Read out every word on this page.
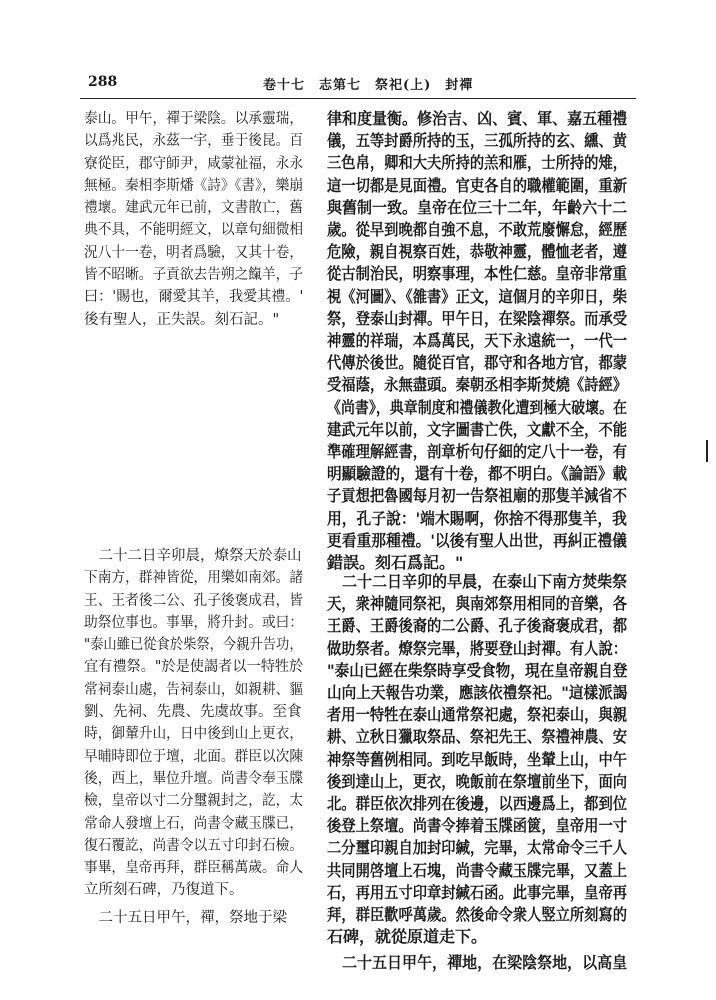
288	卷十七　志第七　祭祀(上)　封禪
泰山。甲午，禪于梁陰。以承靈瑞，
以爲兆民，永茲一宇，垂于後昆。百
寮從臣，郡守師尹，咸蒙祉福，永永
無極。秦相李斯燔《詩》《書》，樂崩
禮壞。建武元年已前，文書散亡，舊
典不具，不能明經文，以章句細微相
況八十一卷，明者爲驗，又其十卷，
皆不昭晰。子貢欲去告朔之餼羊，子
曰：'賜也，爾愛其羊，我愛其禮。'
後有聖人，正失誤。刻石記。"
　二十二日辛卯晨，燎祭天於泰山
下南方，群神皆從，用樂如南郊。諸
王、王者後二公、孔子後褒成君，皆
助祭位事也。事畢，將升封。或曰：
"泰山雖已從食於柴祭，今親升告功，
宜有禮祭。"於是使謁者以一特牲於
常祠泰山處，告祠泰山，如親耕、貙
劉、先祠、先農、先虞故事。至食
時，御輦升山，日中後到山上更衣，
早晡時即位于壇，北面。群臣以次陳
後，西上，畢位升壇。尚書令奉玉牒
檢，皇帝以寸二分璽親封之，訖，太
常命人發壇上石，尚書令藏玉牒已，
復石覆訖，尚書令以五寸印封石檢。
事畢，皇帝再拜，群臣稱萬歲。命人
立所刻石碑，乃復道下。
　二十五日甲午，禪，祭地于梁
律和度量衡。修治吉、凶、賓、軍、嘉五種禮
儀，五等封爵所持的玉，三孤所持的玄、纁、黄
三色帛，卿和大夫所持的羔和雁，士所持的雉，
這一切都是見面禮。官吏各自的職權範圍，重新
與舊制一致。皇帝在位三十二年，年齡六十二
歲。從早到晚都自強不息，不敢荒廢懈怠，經歷
危險，親自視察百姓，恭敬神靈，體恤老者，遵
從古制治民，明察事理，本性仁慈。皇帝非常重
視《河圖》、《雒書》正文，這個月的辛卯日，柴
祭，登泰山封禪。甲午日，在梁陰禪祭。而承受
神靈的祥瑞，本爲萬民，天下永遠統一，一代一
代傳於後世。隨從百官，郡守和各地方官，都蒙
受福蔭，永無盡頭。秦朝丞相李斯焚燒《詩經》
《尚書》，典章制度和禮儀教化遭到極大破壞。在
建武元年以前，文字圖書亡佚，文獻不全，不能
準確理解經書，剖章析句仔細的定八十一卷，有
明顯驗證的，還有十卷，都不明白。《論語》載
子貢想把魯國每月初一告祭祖廟的那隻羊減省不
用，孔子說：'端木賜啊，你捨不得那隻羊，我
更看重那種禮。'以後有聖人出世，再糾正禮儀
錯誤。刻石爲記。"
　二十二日辛卯的早晨，在泰山下南方焚柴祭
天，衆神隨同祭祀，與南郊祭用相同的音樂，各
王爵、王爵後裔的二公爵、孔子後裔褒成君，都
做助祭者。燎祭完畢，將要登山封禪。有人說：
"泰山已經在柴祭時享受食物，現在皇帝親自登
山向上天報告功業，應該依禮祭祀。"這樣派謁
者用一特牲在泰山通常祭祀處，祭祀泰山，與親
耕、立秋日獵取祭品、祭祀先王、祭禮神農、安
神祭等舊例相同。到吃早飯時，坐輦上山，中午
後到達山上，更衣，晚飯前在祭壇前坐下，面向
北。群臣依次排列在後邊，以西邊爲上，都到位
後登上祭壇。尚書令捧着玉牒函篋，皇帝用一寸
二分璽印親自加封印緘，完畢，太常命令三千人
共同開啓壇上石塊，尚書令藏玉牒完畢，又蓋上
石，再用五寸印章封緘石函。此事完畢，皇帝再
拜，群臣歡呼萬歲。然後命令衆人竪立所刻寫的
石碑，就從原道走下。
　二十五日甲午，禪地，在梁陰祭地，以高皇
